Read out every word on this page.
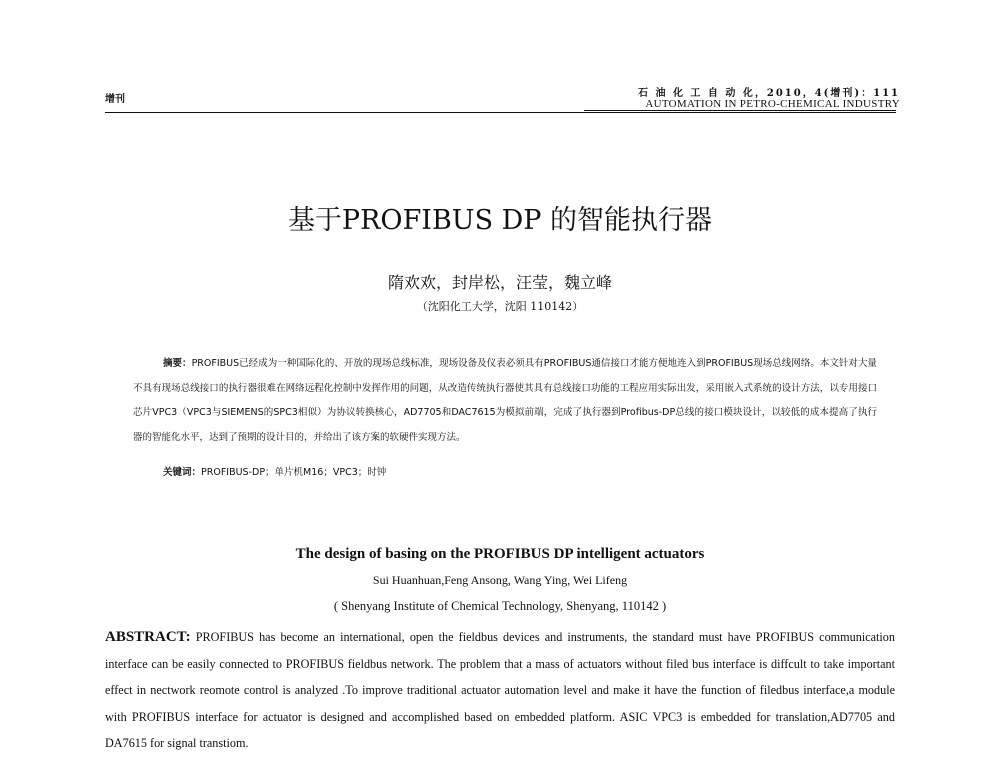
增刊
石 油 化 工 自 动 化，2010，4(增刊)：111
AUTOMATION IN PETRO-CHEMICAL INDUSTRY
基于PROFIBUS DP 的智能执行器
隋欢欢，封岸松，汪莹，魏立峰
（沈阳化工大学，沈阳 110142）
摘要：PROFIBUS已经成为一种国际化的、开放的现场总线标准，现场设备及仪表必须具有PROFIBUS通信接口才能方便地连入到PROFIBUS现场总线网络。本文针对大量不具有现场总线接口的执行器很难在网络远程化控制中发挥作用的问题，从改造传统执行器使其具有总线接口功能的工程应用实际出发，采用嵌入式系统的设计方法，以专用接口芯片VPC3（VPC3与SIEMENS的SPC3相似）为协议转换核心，AD7705和DAC7615为模拟前端，完成了执行器到Profibus-DP总线的接口模块设计，以较低的成本提高了执行器的智能化水平，达到了预期的设计目的，并给出了该方案的软硬件实现方法。
关键词：PROFIBUS-DP；单片机M16；VPC3；时钟
The design of basing on the PROFIBUS DP intelligent actuators
Sui Huanhuan,Feng Ansong, Wang Ying, Wei Lifeng
( Shenyang Institute of Chemical Technology, Shenyang, 110142 )
ABSTRACT: PROFIBUS has become an international, open the fieldbus devices and instruments, the standard must have PROFIBUS communication interface can be easily connected to PROFIBUS fieldbus network. The problem that a mass of actuators without filed bus interface is diffcult to take important effect in nectwork reomote control is analyzed .To improve traditional actuator automation level and make it have the function of filedbus interface,a module with PROFIBUS interface for actuator is designed and accomplished based on embedded platform. ASIC VPC3 is embedded for translation,AD7705 and DA7615 for signal transtiom.
